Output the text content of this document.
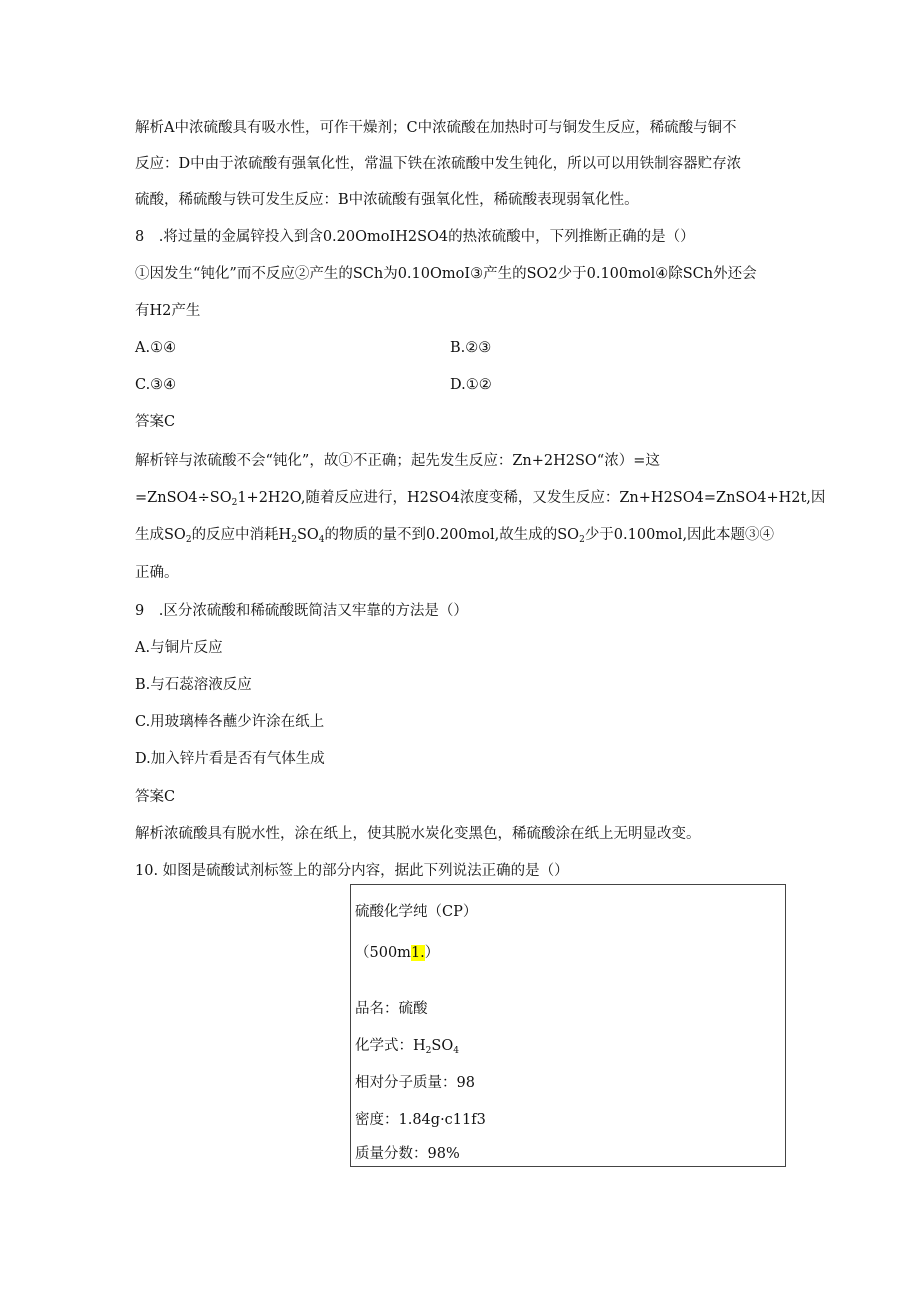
解析A中浓硫酸具有吸水性，可作干燥剂；C中浓硫酸在加热时可与铜发生反应，稀硫酸与铜不
反应：D中由于浓硫酸有强氧化性，常温下铁在浓硫酸中发生钝化，所以可以用铁制容器贮存浓
硫酸，稀硫酸与铁可发生反应：B中浓硫酸有强氧化性，稀硫酸表现弱氧化性。
8　.将过量的金属锌投入到含0.20OmoIH2SO4的热浓硫酸中，下列推断正确的是（）
①因发生“钝化”而不反应②产生的SCh为0.10OmoI③产生的SO2少于0.100mol④除SCh外还会
有H2产生
A.①④	B.②③
C.③④	D.①②
答案C
解析锌与浓硫酸不会“钝化”，故①不正确；起先发生反应：Zn+2H2SO“浓）=这
$=ZnSO4\div SO_21+2H2O$,随着反应进行，H2SO4浓度变稀，又发生反应：Zn+H2SO4=ZnSO4+H2t,因
生成$SO_2$的反应中消耗$H_2SO_4$的物质的量不到0.200mol,故生成的$SO_2$少于0.100mol,因此本题③④
正确。
9　.区分浓硫酸和稀硫酸既简洁又牢靠的方法是（）
A.与铜片反应
B.与石蕊溶液反应
C.用玻璃棒各蘸少许涂在纸上
D.加入锌片看是否有气体生成
答案C
解析浓硫酸具有脱水性，涂在纸上，使其脱水炭化变黑色，稀硫酸涂在纸上无明显改变。
10. 如图是硫酸试剂标签上的部分内容，据此下列说法正确的是（）
硫酸化学纯（CP）
（500m1.）
品名：硫酸
化学式：$H_2SO_4$
相对分子质量：98
密度：1.84g·c11f3
质量分数：98%
